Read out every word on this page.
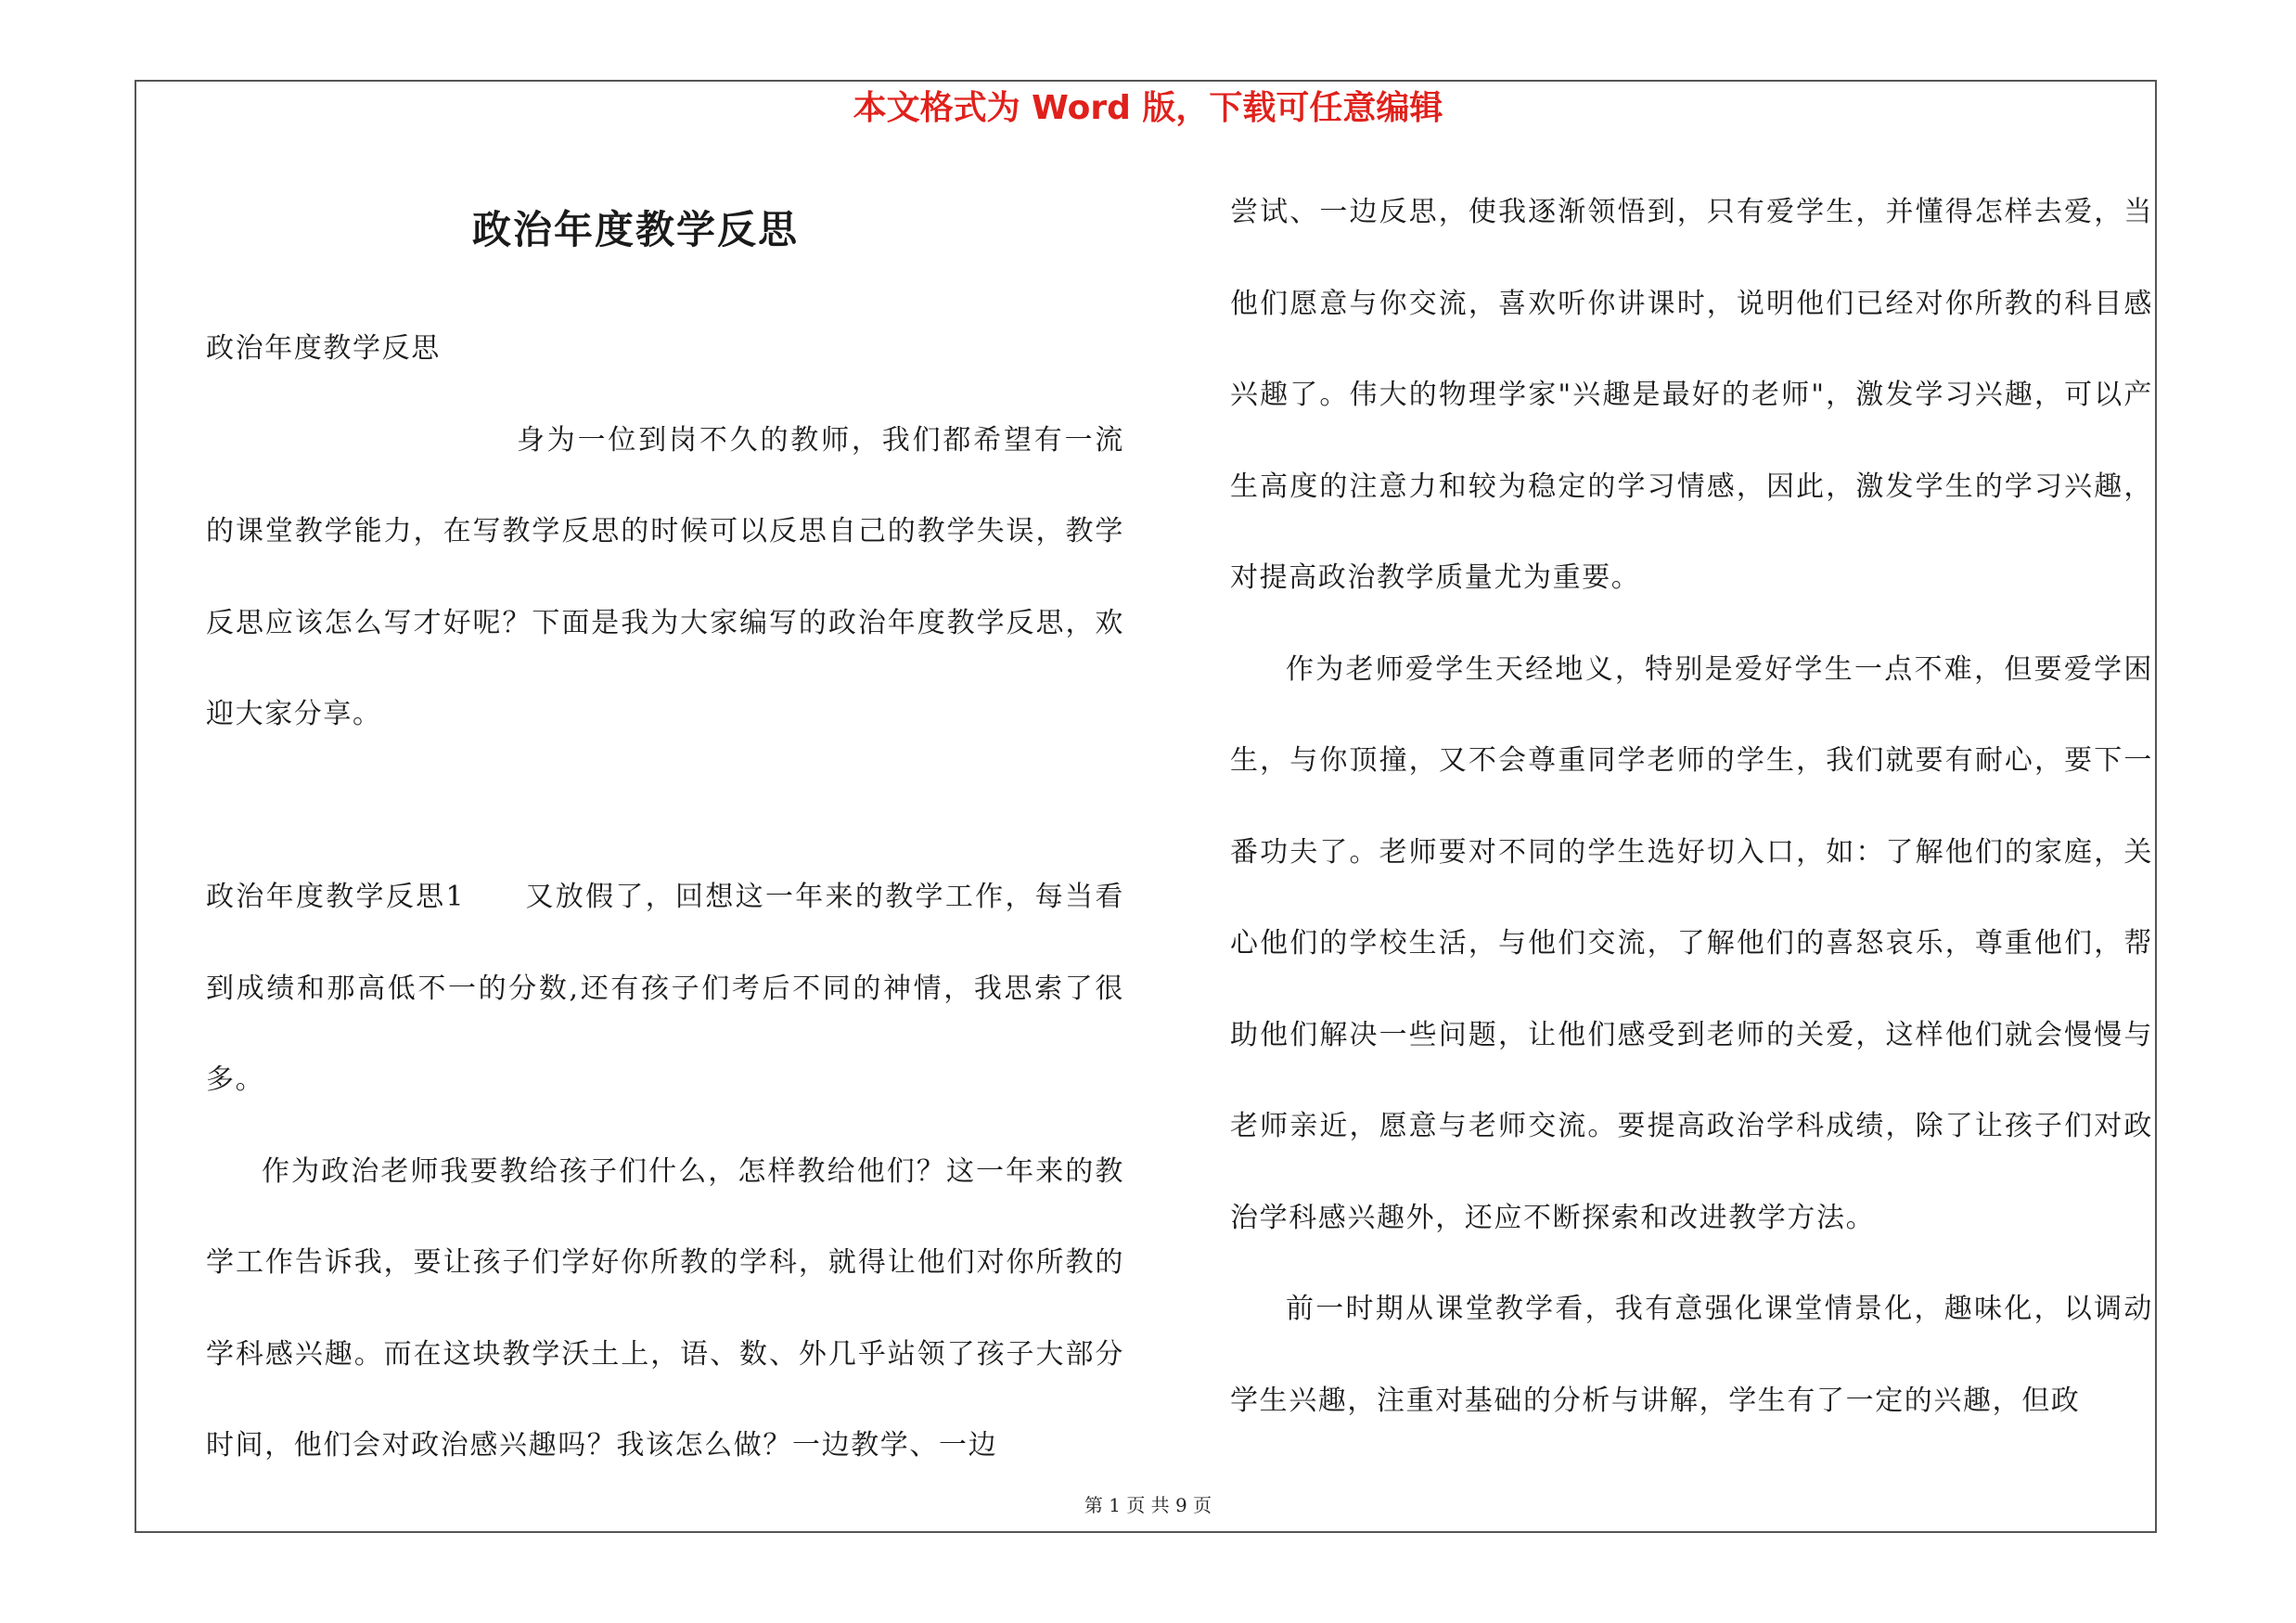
本文格式为 Word 版，下载可任意编辑
政治年度教学反思

政治年度教学反思

身为一位到岗不久的教师，我们都希望有一流的课堂教学能力，在写教学反思的时候可以反思自己的教学失误，教学反思应该怎么写才好呢？下面是我为大家编写的政治年度教学反思，欢迎大家分享。

政治年度教学反思1　　又放假了，回想这一年来的教学工作，每当看到成绩和那高低不一的分数,还有孩子们考后不同的神情，我思索了很多。

作为政治老师我要教给孩子们什么，怎样教给他们？这一年来的教学工作告诉我，要让孩子们学好你所教的学科，就得让他们对你所教的学科感兴趣。而在这块教学沃土上，语、数、外几乎站领了孩子大部分时间，他们会对政治感兴趣吗？我该怎么做？一边教学、一边

尝试、一边反思，使我逐渐领悟到，只有爱学生，并懂得怎样去爱，当他们愿意与你交流，喜欢听你讲课时，说明他们已经对你所教的科目感兴趣了。伟大的物理学家"兴趣是最好的老师"，激发学习兴趣，可以产生高度的注意力和较为稳定的学习情感，因此，激发学生的学习兴趣，对提高政治教学质量尤为重要。

作为老师爱学生天经地义，特别是爱好学生一点不难，但要爱学困生，与你顶撞，又不会尊重同学老师的学生，我们就要有耐心，要下一番功夫了。老师要对不同的学生选好切入口，如：了解他们的家庭，关心他们的学校生活，与他们交流，了解他们的喜怒哀乐，尊重他们，帮助他们解决一些问题，让他们感受到老师的关爱，这样他们就会慢慢与老师亲近，愿意与老师交流。要提高政治学科成绩，除了让孩子们对政治学科感兴趣外，还应不断探索和改进教学方法。

前一时期从课堂教学看，我有意强化课堂情景化，趣味化，以调动学生兴趣，注重对基础的分析与讲解，学生有了一定的兴趣，但政

第 1 页 共 9 页
